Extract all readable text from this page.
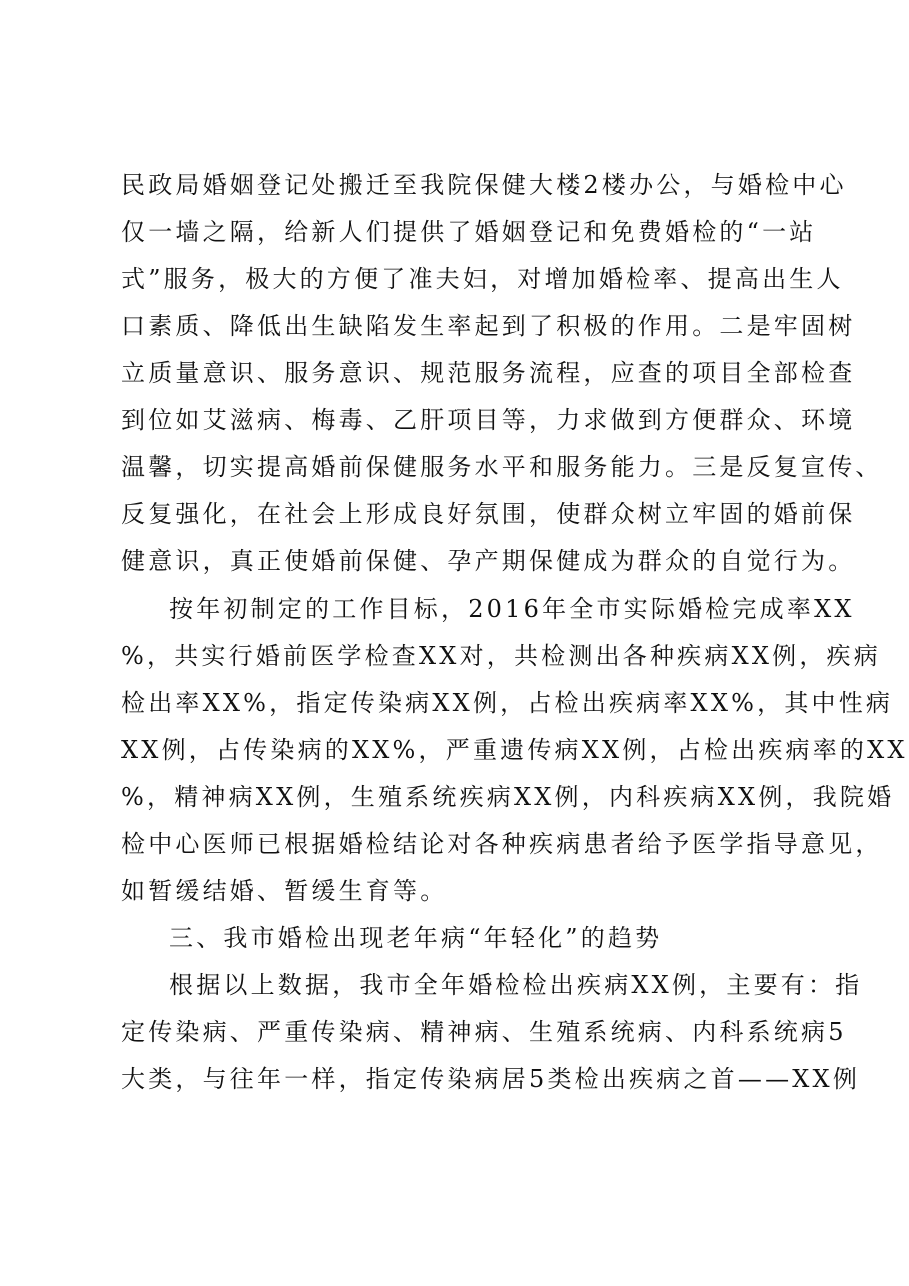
民政局婚姻登记处搬迁至我院保健大楼2楼办公，与婚检中心
仅一墙之隔，给新人们提供了婚姻登记和免费婚检的“一站
式”服务，极大的方便了准夫妇，对增加婚检率、提高出生人
口素质、降低出生缺陷发生率起到了积极的作用。二是牢固树
立质量意识、服务意识、规范服务流程，应查的项目全部检查
到位如艾滋病、梅毒、乙肝项目等，力求做到方便群众、环境
温馨，切实提高婚前保健服务水平和服务能力。三是反复宣传、
反复强化，在社会上形成良好氛围，使群众树立牢固的婚前保
健意识，真正使婚前保健、孕产期保健成为群众的自觉行为。
按年初制定的工作目标，2016年全市实际婚检完成率XX
%，共实行婚前医学检查XX对，共检测出各种疾病XX例，疾病
检出率XX%，指定传染病XX例，占检出疾病率XX%，其中性病
XX例，占传染病的XX%，严重遗传病XX例，占检出疾病率的XX
%，精神病XX例，生殖系统疾病XX例，内科疾病XX例，我院婚
检中心医师已根据婚检结论对各种疾病患者给予医学指导意见，
如暂缓结婚、暂缓生育等。
三、我市婚检出现老年病“年轻化”的趋势
根据以上数据，我市全年婚检检出疾病XX例，主要有：指
定传染病、严重传染病、精神病、生殖系统病、内科系统病5
大类，与往年一样，指定传染病居5类检出疾病之首——XX例
